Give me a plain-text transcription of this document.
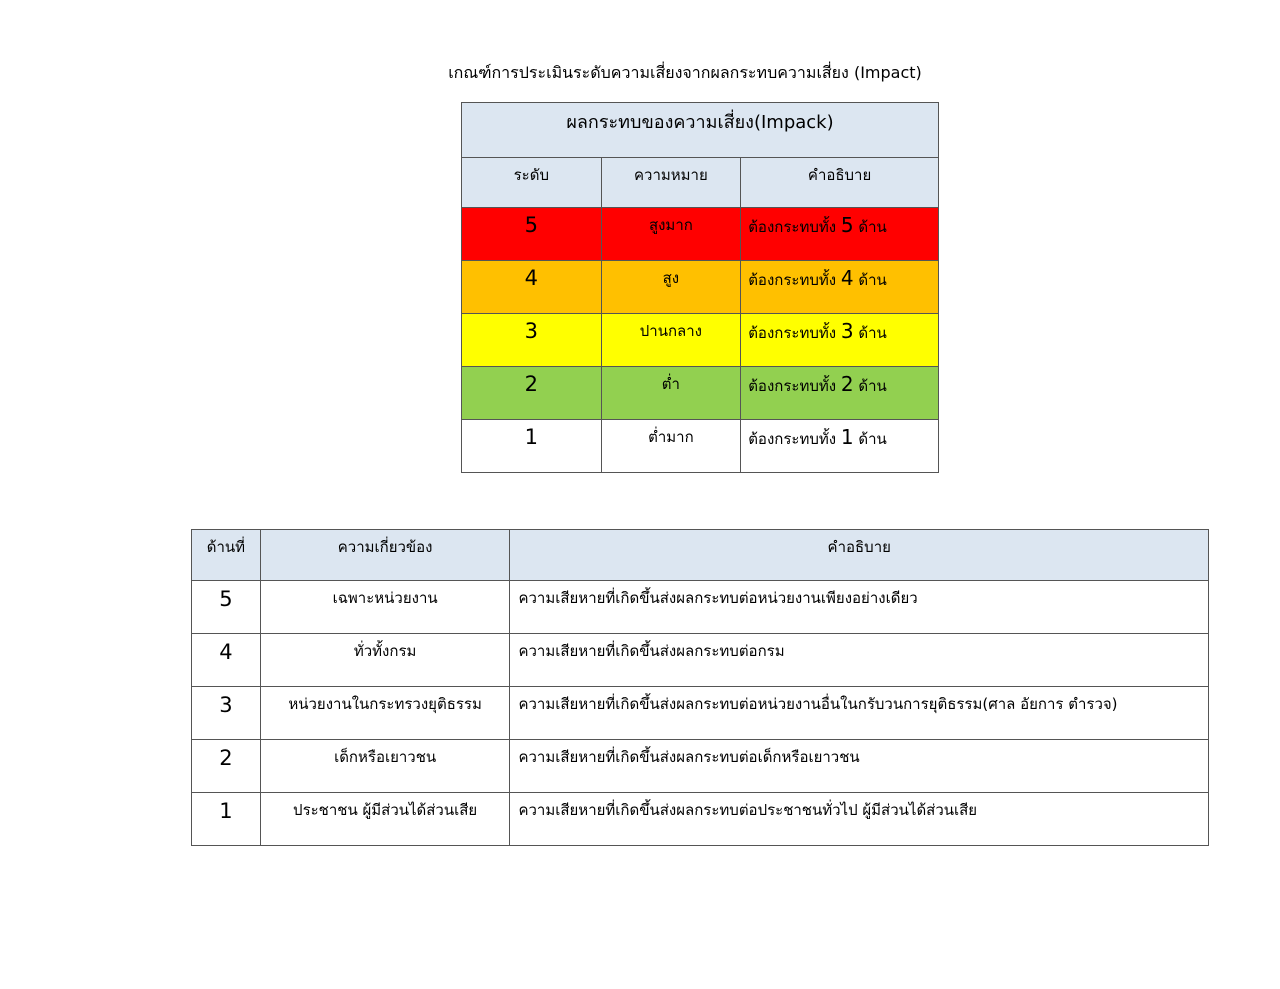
เกณฑ์การประเมินระดับความเสี่ยงจากผลกระทบความเสี่ยง (Impact)
ผลกระทบของความเสี่ยง(Impack)		
ระดับ	ความหมาย	คำอธิบาย

5	สูงมาก	ต้องกระทบทั้ง 5 ด้าน

4	สูง	ต้องกระทบทั้ง 4 ด้าน

3	ปานกลาง	ต้องกระทบทั้ง 3 ด้าน

2	ต่ำ	ต้องกระทบทั้ง 2 ด้าน

1	ต่ำมาก	ต้องกระทบทั้ง 1 ด้าน
ด้านที่	ความเกี่ยวข้อง	คำอธิบาย

5	เฉพาะหน่วยงาน	ความเสียหายที่เกิดขึ้นส่งผลกระทบต่อหน่วยงานเพียงอย่างเดียว

4	ทั่วทั้งกรม	ความเสียหายที่เกิดขึ้นส่งผลกระทบต่อกรม

3	หน่วยงานในกระทรวงยุติธรรม	ความเสียหายที่เกิดขึ้นส่งผลกระทบต่อหน่วยงานอื่นในกรับวนการยุติธรรม(ศาล อัยการ ตำรวจ)

2	เด็กหรือเยาวชน	ความเสียหายที่เกิดขึ้นส่งผลกระทบต่อเด็กหรือเยาวชน

1	ประชาชน ผู้มีส่วนได้ส่วนเสีย	ความเสียหายที่เกิดขึ้นส่งผลกระทบต่อประชาชนทั่วไป ผู้มีส่วนได้ส่วนเสีย
